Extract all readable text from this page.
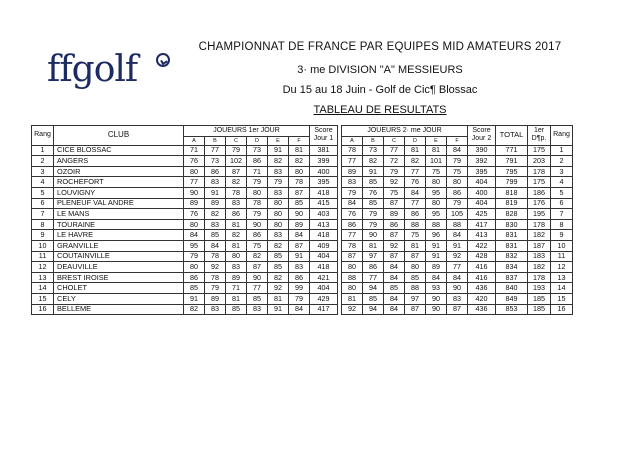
ffgolf
CHAMPIONNAT DE FRANCE PAR EQUIPES MID AMATEURS 2017
3· me DIVISION "A" MESSIEURS
Du 15 au 18 Juin - Golf de Cic¶ Blossac
TABLEAU DE RESULTATS
Rang	CLUB	JOUEURS 1er JOUR						Score
Jour 1		JOUEURS 2· me JOUR						Score
Jour 2	TOTAL	1er
D¶p.	Rang
		A	B	C	D	E	F			A	B	C	D	E	F				
1	CICE BLOSSAC	71	77	79	73	91	81	381		78	73	77	81	81	84	390	771	175	1
2	ANGERS	76	73	102	86	82	82	399		77	82	72	82	101	79	392	791	203	2
3	OZOIR	80	86	87	71	83	80	400		89	91	79	77	75	75	395	795	178	3
4	ROCHEFORT	77	83	82	79	79	78	395		83	85	92	76	80	80	404	799	175	4
5	LOUVIGNY	90	91	78	80	83	87	418		79	76	75	84	95	86	400	818	186	5
6	PLENEUF VAL ANDRE	89	89	83	78	80	85	415		84	85	87	77	80	79	404	819	176	6
7	LE MANS	76	82	86	79	80	90	403		76	79	89	86	95	105	425	828	195	7
8	TOURAINE	80	83	81	90	80	89	413		86	79	86	88	88	88	417	830	178	8
9	LE HAVRE	84	85	82	86	83	84	418		77	90	87	75	96	84	413	831	182	9
10	GRANVILLE	95	84	81	75	82	87	409		78	81	92	81	91	91	422	831	187	10
11	COUTAINVILLE	79	78	80	82	85	91	404		87	97	87	87	91	92	428	832	183	11
12	DEAUVILLE	80	92	83	87	85	83	418		80	86	84	80	89	77	416	834	182	12
13	BREST IROISE	86	78	89	90	82	86	421		88	77	84	85	84	84	416	837	178	13
14	CHOLET	85	79	71	77	92	99	404		80	94	85	88	93	90	436	840	193	14
15	CELY	91	89	81	85	81	79	429		81	85	84	97	90	83	420	849	185	15
16	BELLEME	82	83	85	83	91	84	417		92	94	84	87	90	87	436	853	185	16
